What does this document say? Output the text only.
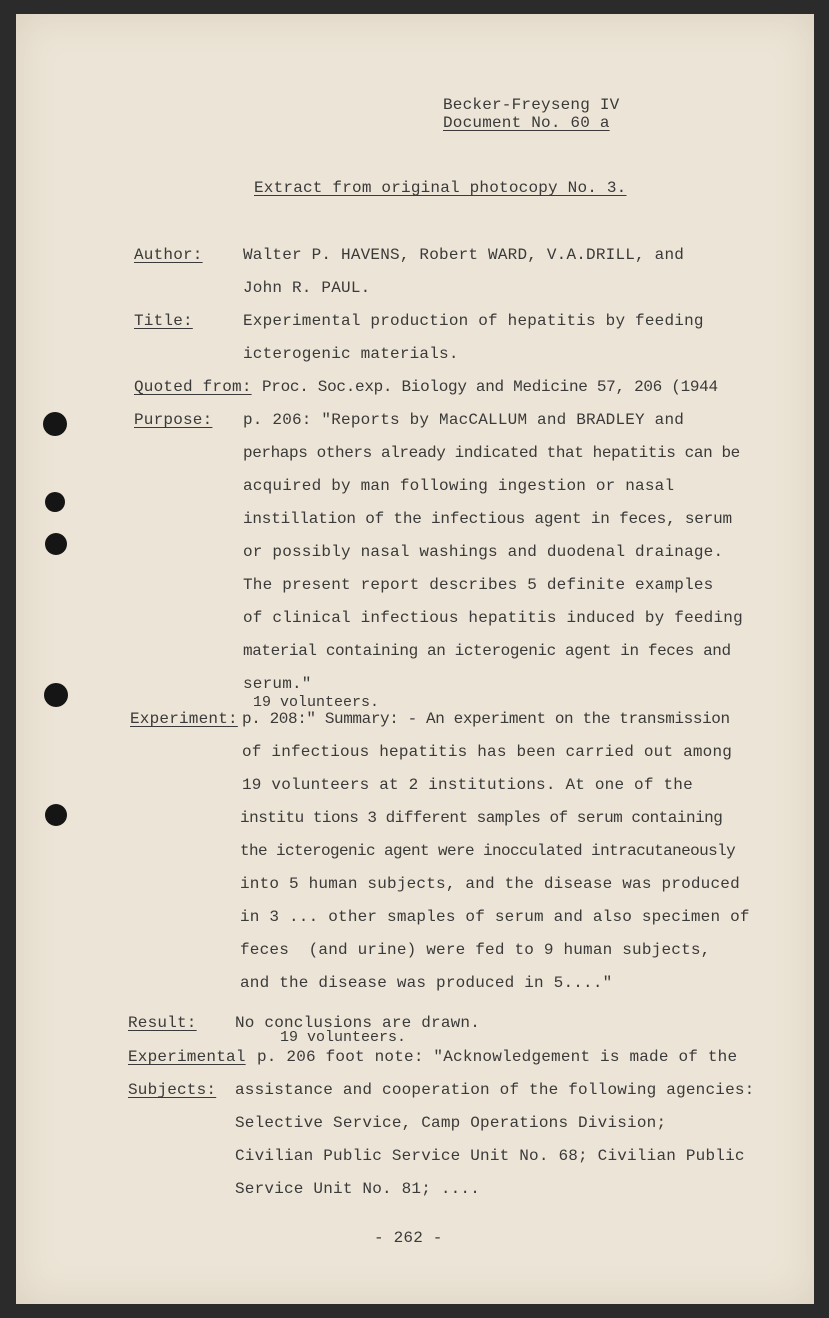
Becker-Freyseng IV
Document No. 60 a
Extract from original photocopy No. 3.
Author:	Walter P. HAVENS, Robert WARD, V.A.DRILL, and
John R. PAUL.
Title:	Experimental production of hepatitis by feeding
icterogenic materials.
Quoted from: Proc. Soc.exp. Biology and Medicine 57, 206 (1944
Purpose: p. 206: "Reports by MacCALLUM and BRADLEY and
perhaps others already indicated that hepatitis can be
acquired by man following ingestion or nasal
instillation of the infectious agent in feces, serum
or possibly nasal washings and duodenal drainage.
The present report describes 5 definite examples
of clinical infectious hepatitis induced by feeding
material containing an icterogenic agent in feces and
serum."
19 volunteers.
Experiment: p. 208:" Summary: - An experiment on the transmission
of infectious hepatitis has been carried out among
19 volunteers at 2 institutions. At one of the
institu tions 3 different samples of serum containing
the icterogenic agent were inocculated intracutaneously
into 5 human subjects, and the disease was produced
in 3 ... other smaples of serum and also specimen of
feces  (and urine) were fed to 9 human subjects,
and the disease was produced in 5...."
Result: No conclusions are drawn.
19 volunteers.
Experimental p. 206 foot note: "Acknowledgement is made of the
Subjects: assistance and cooperation of the following agencies:
Selective Service, Camp Operations Division;
Civilian Public Service Unit No. 68; Civilian Public
Service Unit No. 81; ....
- 262 -
